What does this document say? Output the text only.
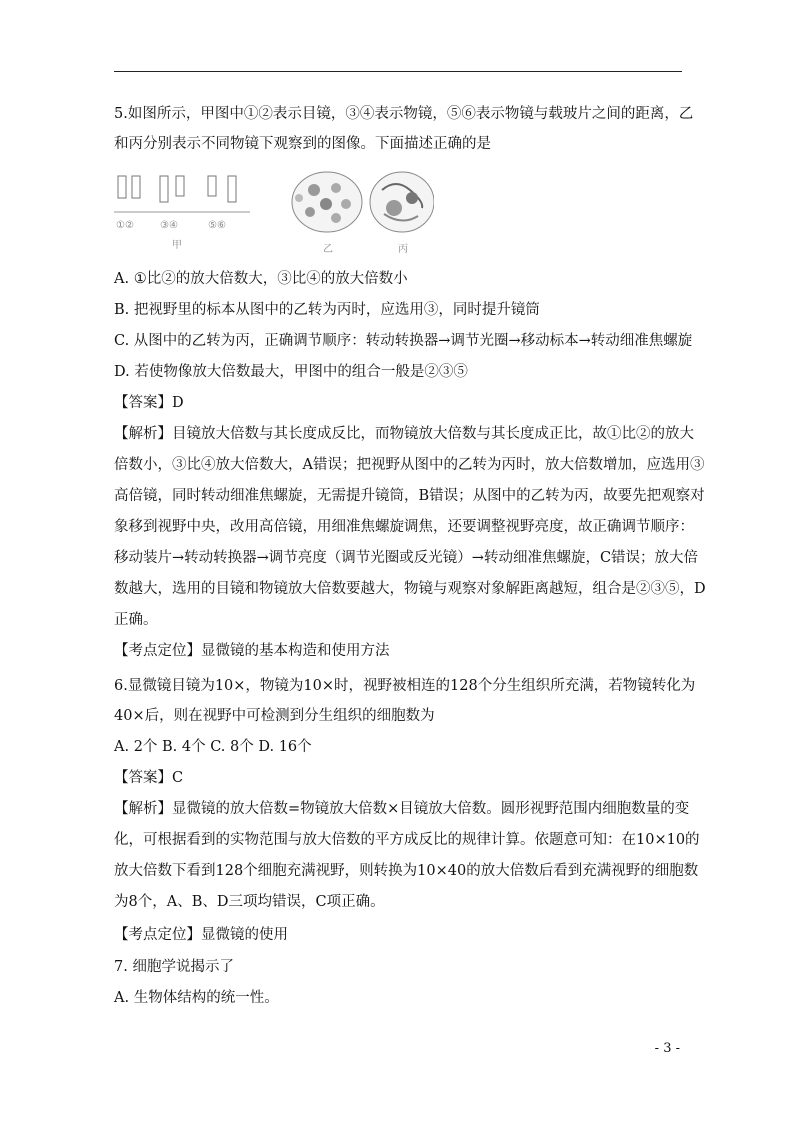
5.如图所示，甲图中①②表示目镜，③④表示物镜，⑤⑥表示物镜与载玻片之间的距离，乙
和丙分别表示不同物镜下观察到的图像。下面描述正确的是
①②	③④	⑤⑥
甲	乙	丙
A. ①比②的放大倍数大，③比④的放大倍数小
B. 把视野里的标本从图中的乙转为丙时，应选用③，同时提升镜筒
C. 从图中的乙转为丙，正确调节顺序：转动转换器→调节光圈→移动标本→转动细准焦螺旋
D. 若使物像放大倍数最大，甲图中的组合一般是②③⑤
【答案】D
【解析】目镜放大倍数与其长度成反比，而物镜放大倍数与其长度成正比，故①比②的放大
倍数小，③比④放大倍数大，A错误；把视野从图中的乙转为丙时，放大倍数增加，应选用③
高倍镜，同时转动细准焦螺旋，无需提升镜筒，B错误；从图中的乙转为丙，故要先把观察对
象移到视野中央，改用高倍镜，用细准焦螺旋调焦，还要调整视野亮度，故正确调节顺序：
移动装片→转动转换器→调节亮度（调节光圈或反光镜）→转动细准焦螺旋，C错误；放大倍
数越大，选用的目镜和物镜放大倍数要越大，物镜与观察对象解距离越短，组合是②③⑤，D
正确。
【考点定位】显微镜的基本构造和使用方法
6.显微镜目镜为10×，物镜为10×时，视野被相连的128个分生组织所充满，若物镜转化为
40×后，则在视野中可检测到分生组织的细胞数为
A. 2个 B. 4个 C. 8个 D. 16个
【答案】C
【解析】显微镜的放大倍数=物镜放大倍数×目镜放大倍数。圆形视野范围内细胞数量的变
化，可根据看到的实物范围与放大倍数的平方成反比的规律计算。依题意可知：在10×10的
放大倍数下看到128个细胞充满视野，则转换为10×40的放大倍数后看到充满视野的细胞数
为8个，A、B、D三项均错误，C项正确。
【考点定位】显微镜的使用
7. 细胞学说揭示了
A. 生物体结构的统一性。
- 3 -
